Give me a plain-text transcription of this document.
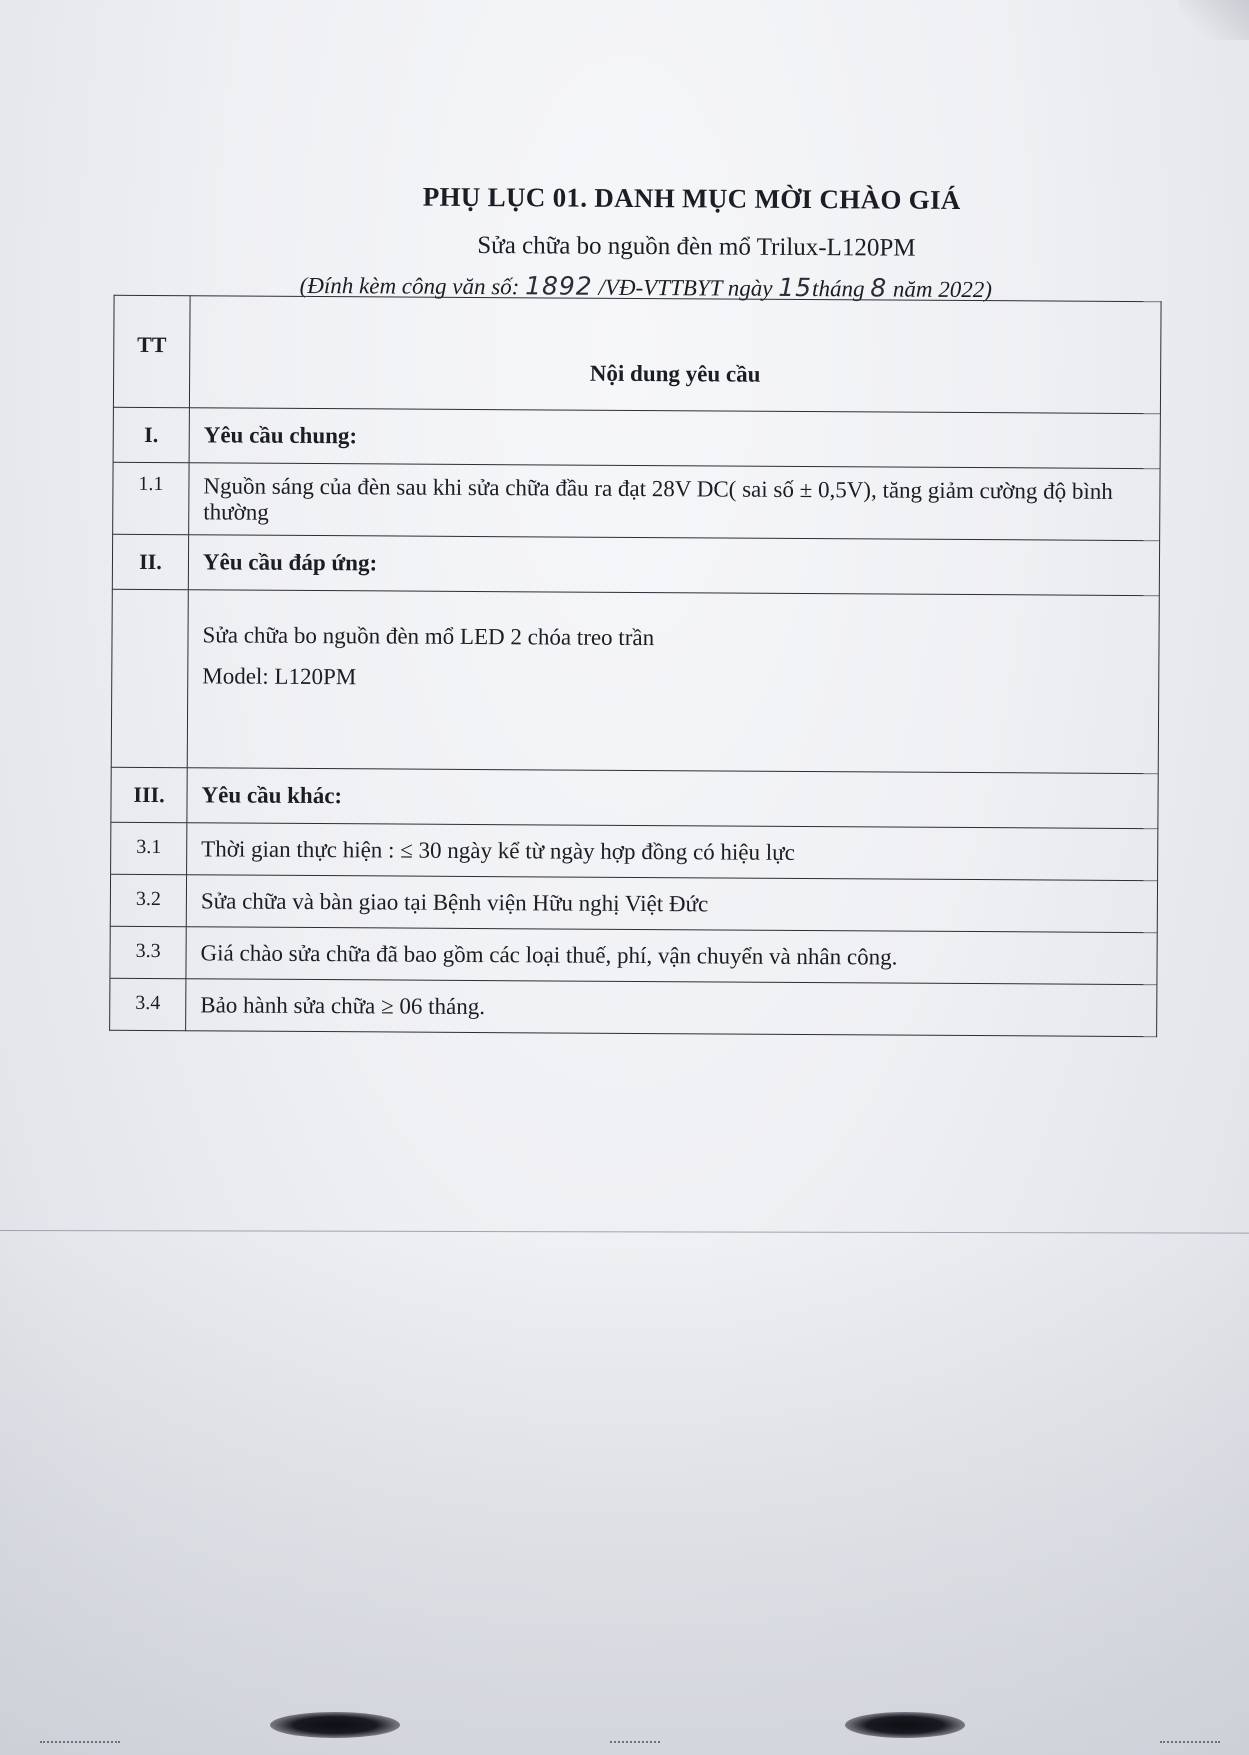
PHỤ LỤC 01. DANH MỤC MỜI CHÀO GIÁ
Sửa chữa bo nguồn đèn mổ Trilux-L120PM
(Đính kèm công văn số: 1892 /VĐ-VTTBYT ngày 15tháng 8 năm 2022)
TT	Nội dung yêu cầu
I.	Yêu cầu chung:
1.1	Nguồn sáng của đèn sau khi sửa chữa đầu ra đạt 28V DC( sai số ± 0,5V), tăng giảm cường độ bình thường
II.	Yêu cầu đáp ứng:

	Sửa chữa bo nguồn đèn mổ LED 2 chóa treo trần
Model: L120PM

III.	Yêu cầu khác:
3.1	Thời gian thực hiện : ≤ 30 ngày kể từ ngày hợp đồng có hiệu lực
3.2	Sửa chữa và bàn giao tại Bệnh viện Hữu nghị Việt Đức
3.3	Giá chào sửa chữa đã bao gồm các loại thuế, phí, vận chuyển và nhân công.
3.4	Bảo hành sửa chữa ≥ 06 tháng.
